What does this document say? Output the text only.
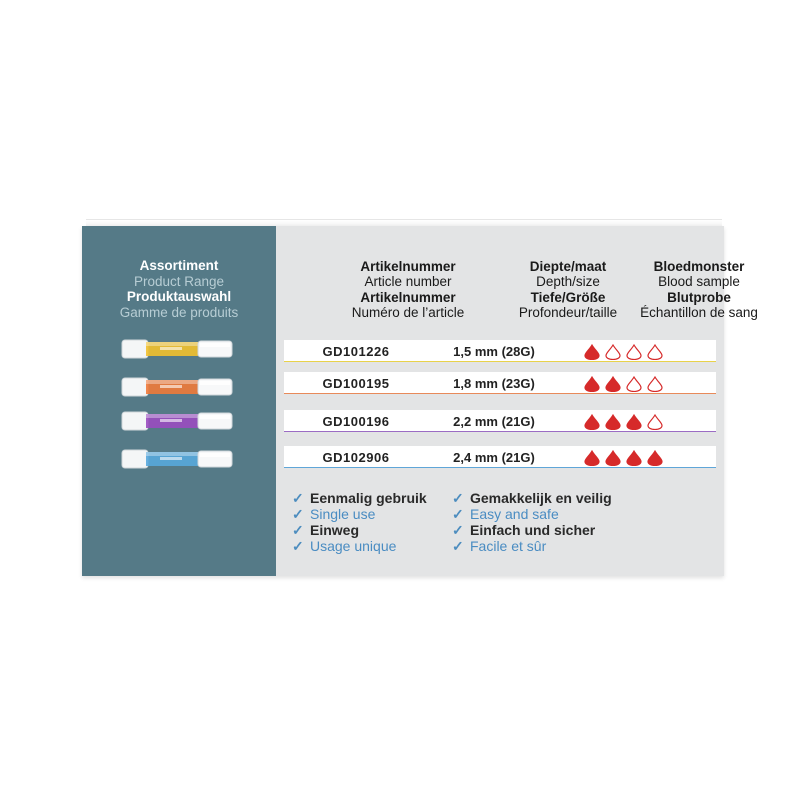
Assortiment
Product Range
Produktauswahl
Gamme de produits
Artikelnummer
Article number
Artikelnummer
Numéro de l’article
Diepte/maat
Depth/size
Tiefe/Größe
Profondeur/taille
Bloedmonster
Blood sample
Blutprobe
Échantillon de sang
GD101226	1,5 mm (28G)
GD100195	1,8 mm (23G)
GD100196	2,2 mm (21G)
GD102906	2,4 mm (21G)
✓ Eenmalig gebruik
✓ Single use
✓ Einweg
✓ Usage unique
✓ Gemakkelijk en veilig
✓ Easy and safe
✓ Einfach und sicher
✓ Facile et sûr
